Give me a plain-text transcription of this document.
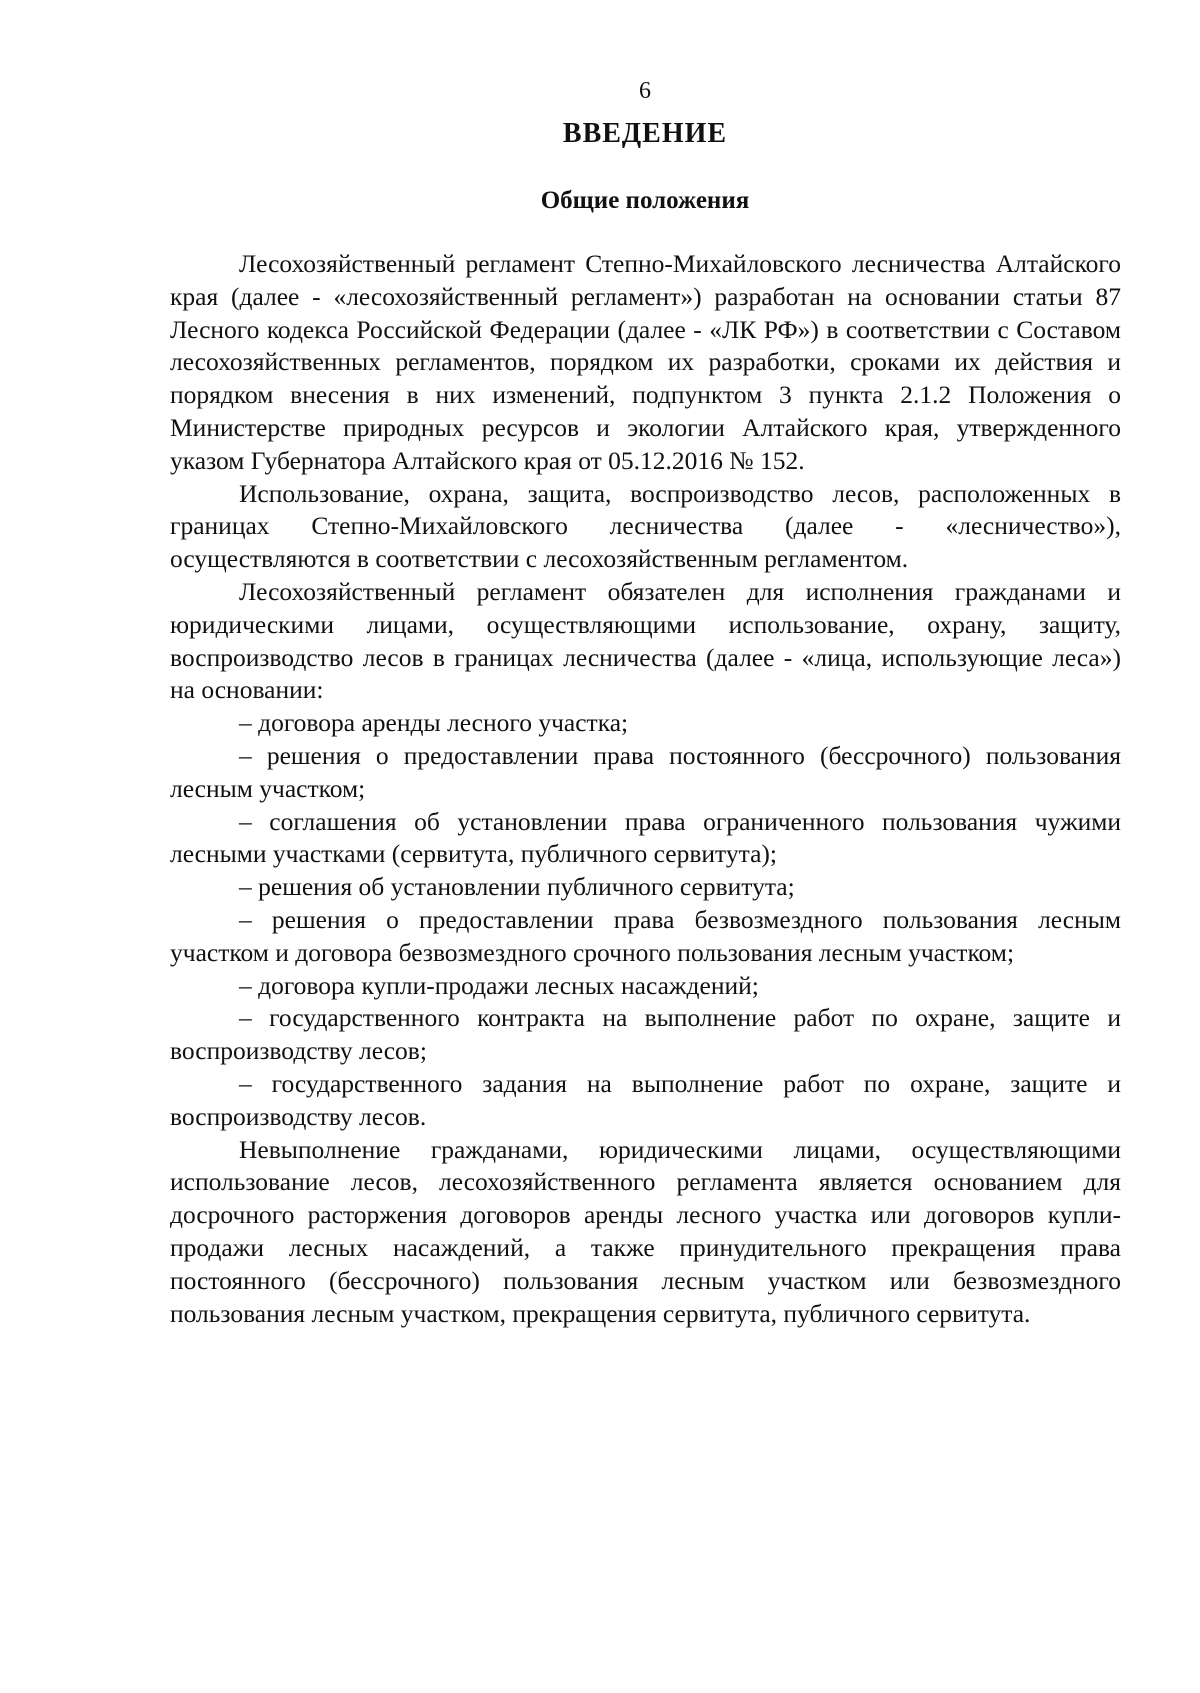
6
ВВЕДЕНИЕ
Общие положения

Лесохозяйственный регламент Степно-Михайловского лесничества Алтайского края (далее - «лесохозяйственный регламент») разработан на основании статьи 87 Лесного кодекса Российской Федерации (далее - «ЛК РФ») в соответствии с Составом лесохозяйственных регламентов, порядком их разработки, сроками их действия и порядком внесения в них изменений, подпунктом 3 пункта 2.1.2 Положения о Министерстве природных ресурсов и экологии Алтайского края, утвержденного указом Губернатора Алтайского края от 05.12.2016 № 152.

Использование, охрана, защита, воспроизводство лесов, расположенных в границах Степно-Михайловского лесничества (далее - «лесничество»), осуществляются в соответствии с лесохозяйственным регламентом.

Лесохозяйственный регламент обязателен для исполнения гражданами и юридическими лицами, осуществляющими использование, охрану, защиту, воспроизводство лесов в границах лесничества (далее - «лица, использующие леса») на основании:

– договора аренды лесного участка;
– решения о предоставлении права постоянного (бессрочного) пользования лесным участком;
– соглашения об установлении права ограниченного пользования чужими лесными участками (сервитута, публичного сервитута);
– решения об установлении публичного сервитута;
– решения о предоставлении права безвозмездного пользования лесным участком и договора безвозмездного срочного пользования лесным участком;
– договора купли-продажи лесных насаждений;
– государственного контракта на выполнение работ по охране, защите и воспроизводству лесов;
– государственного задания на выполнение работ по охране, защите и воспроизводству лесов.

Невыполнение гражданами, юридическими лицами, осуществляющими использование лесов, лесохозяйственного регламента является основанием для досрочного расторжения договоров аренды лесного участка или договоров купли-продажи лесных насаждений, а также принудительного прекращения права постоянного (бессрочного) пользования лесным участком или безвозмездного пользования лесным участком, прекращения сервитута, публичного сервитута.
